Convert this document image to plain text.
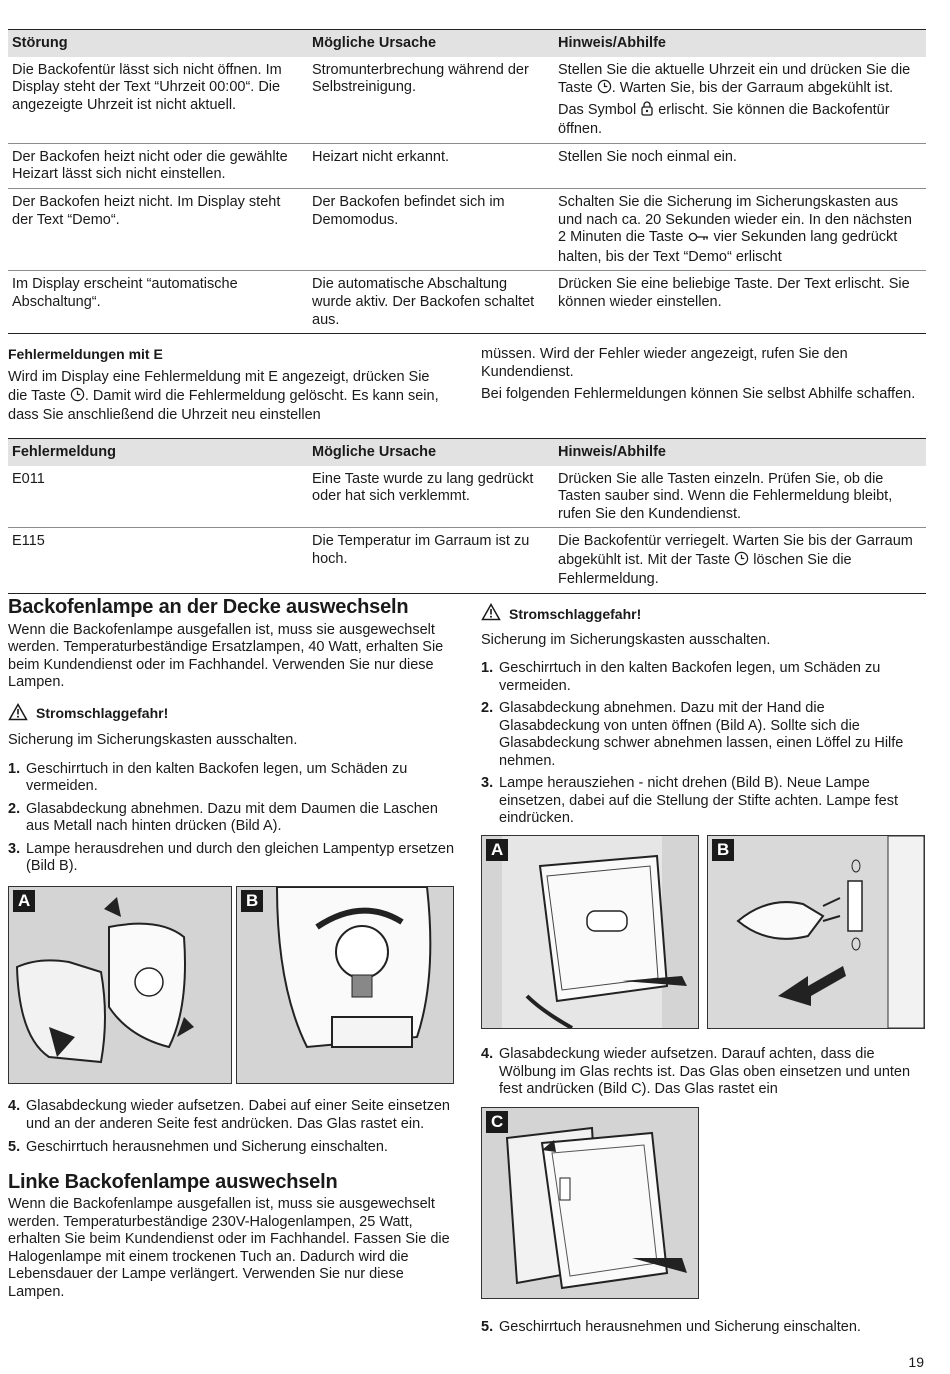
Störung	Mögliche Ursache	Hinweis/Abhilfe
Die Backofentür lässt sich nicht öffnen. Im Display steht der Text “Uhrzeit 00:00“. Die angezeigte Uhrzeit ist nicht aktuell.	Stromunterbrechung während der Selbstreinigung.	Stellen Sie die aktuelle Uhrzeit ein und drücken Sie die Taste . Warten Sie, bis der Garraum abgekühlt ist. Das Symbol  erlischt. Sie können die Backofentür öffnen.
Der Backofen heizt nicht oder die gewählte Heizart lässt sich nicht einstellen.	Heizart nicht erkannt.	Stellen Sie noch einmal ein.
Der Backofen heizt nicht. Im Display steht der Text “Demo“.	Der Backofen befindet sich im Demomodus.	Schalten Sie die Sicherung im Sicherungskasten aus und nach ca. 20 Sekunden wieder ein. In den nächsten 2 Minuten die Taste  vier Sekunden lang gedrückt halten, bis der Text “Demo“ erlischt
Im Display erscheint “automatische Abschaltung“.	Die automatische Abschaltung wurde aktiv. Der Backofen schaltet aus.	Drücken Sie eine beliebige Taste. Der Text erlischt. Sie können wieder einstellen.
Fehlermeldungen mit E

Wird im Display eine Fehlermeldung mit E angezeigt, drücken Sie die Taste . Damit wird die Fehlermeldung gelöscht. Es kann sein, dass Sie anschließend die Uhrzeit neu einstellen

müssen. Wird der Fehler wieder angezeigt, rufen Sie den Kundendienst.

Bei folgenden Fehlermeldungen können Sie selbst Abhilfe schaffen.

Fehlermeldung	Mögliche Ursache	Hinweis/Abhilfe
E011	Eine Taste wurde zu lang gedrückt oder hat sich verklemmt.	Drücken Sie alle Tasten einzeln. Prüfen Sie, ob die Tasten sauber sind. Wenn die Fehlermeldung bleibt, rufen Sie den Kundendienst.
E115	Die Temperatur im Garraum ist zu hoch.	Die Backofentür verriegelt. Warten Sie bis der Garraum abgekühlt ist. Mit der Taste  löschen Sie die Fehlermeldung.
Backofenlampe an der Decke auswechseln

Wenn die Backofenlampe ausgefallen ist, muss sie ausgewechselt werden. Temperaturbeständige Ersatzlampen, 40 Watt, erhalten Sie beim Kundendienst oder im Fachhandel. Verwenden Sie nur diese Lampen.

Stromschlaggefahr!

Sicherung im Sicherungskasten ausschalten.

1. Geschirrtuch in den kalten Backofen legen, um Schäden zu vermeiden.
2. Glasabdeckung abnehmen. Dazu mit dem Daumen die Laschen aus Metall nach hinten drücken (Bild A).
3. Lampe herausdrehen und durch den gleichen Lampentyp ersetzen (Bild B).
A	B
4. Glasabdeckung wieder aufsetzen. Dabei auf einer Seite einsetzen und an der anderen Seite fest andrücken. Das Glas rastet ein.
5. Geschirrtuch herausnehmen und Sicherung einschalten.
Linke Backofenlampe auswechseln

Wenn die Backofenlampe ausgefallen ist, muss sie ausgewechselt werden. Temperaturbeständige 230V-Halogenlampen, 25 Watt, erhalten Sie beim Kundendienst oder im Fachhandel. Fassen Sie die Halogenlampe mit einem trockenen Tuch an. Dadurch wird die Lebensdauer der Lampe verlängert. Verwenden Sie nur diese Lampen.

Stromschlaggefahr!

Sicherung im Sicherungskasten ausschalten.

1. Geschirrtuch in den kalten Backofen legen, um Schäden zu vermeiden.
2. Glasabdeckung abnehmen. Dazu mit der Hand die Glasabdeckung von unten öffnen (Bild A). Sollte sich die Glasabdeckung schwer abnehmen lassen, einen Löffel zu Hilfe nehmen.
3. Lampe herausziehen - nicht drehen (Bild B). Neue Lampe einsetzen, dabei auf die Stellung der Stifte achten. Lampe fest eindrücken.
A	B
4. Glasabdeckung wieder aufsetzen. Darauf achten, dass die Wölbung im Glas rechts ist. Das Glas oben einsetzen und unten fest andrücken (Bild C). Das Glas rastet ein
C
5. Geschirrtuch herausnehmen und Sicherung einschalten.
19
